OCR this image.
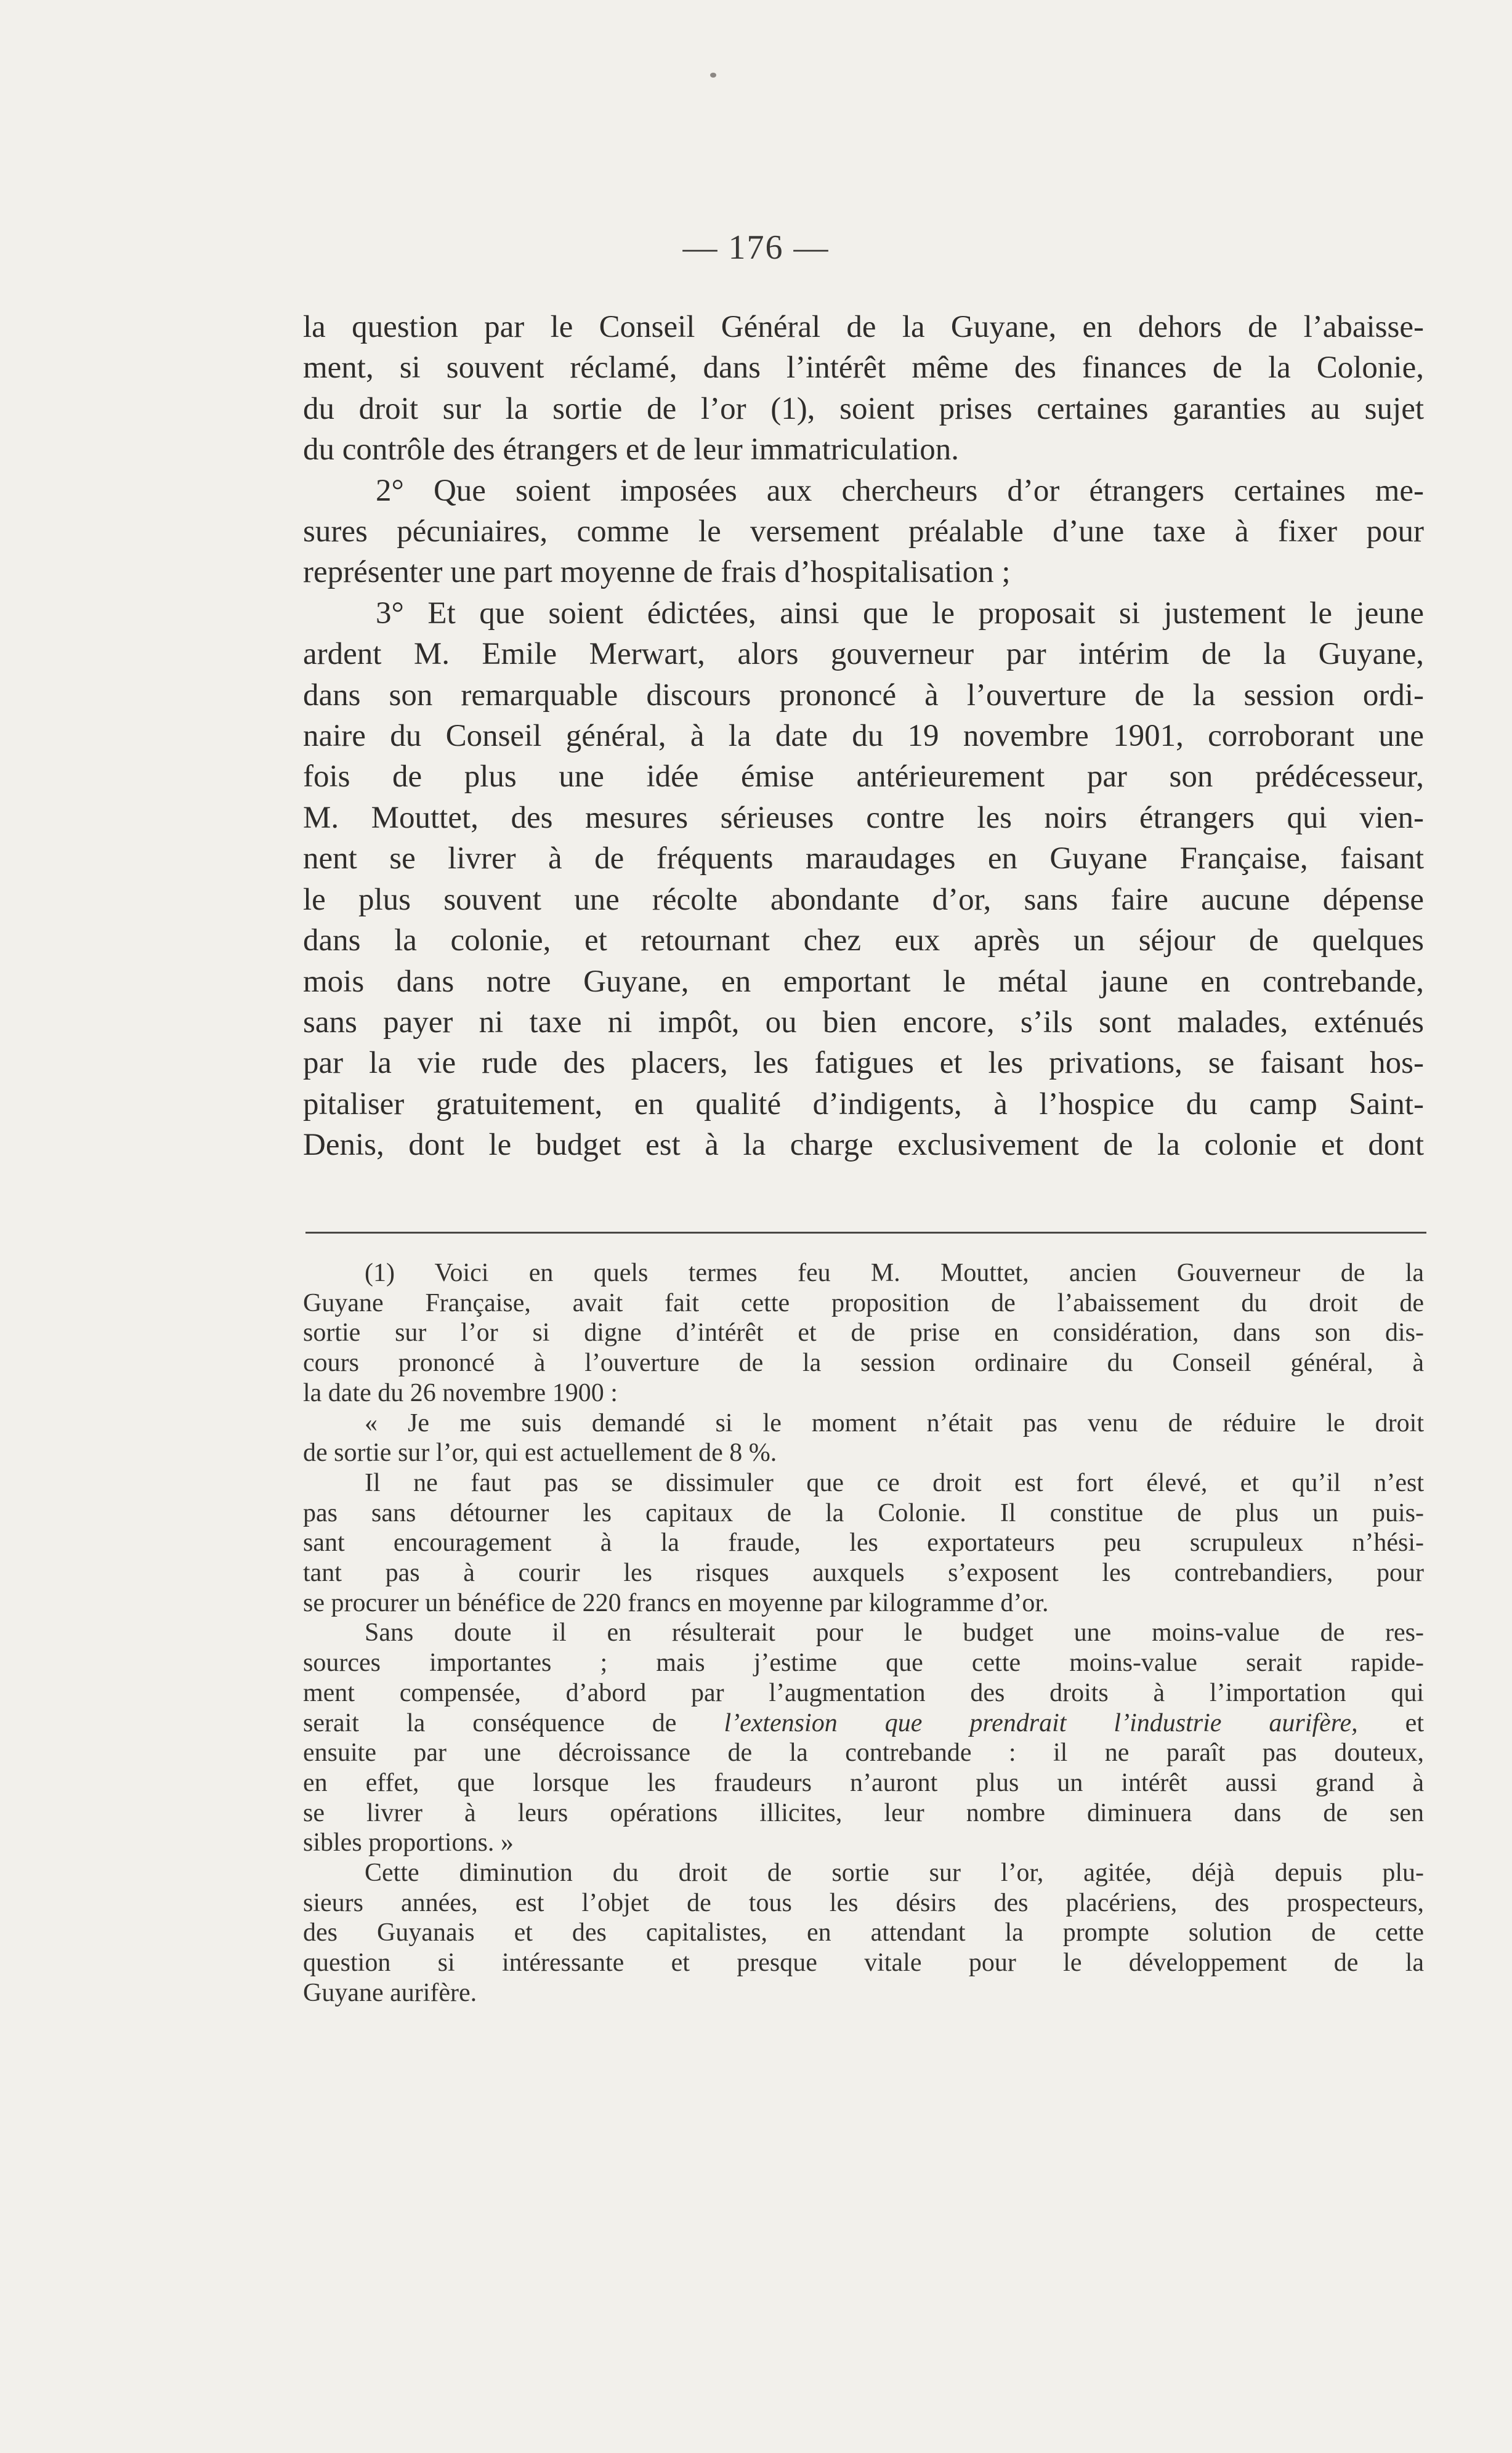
— 176 —
la question par le Conseil Général de la Guyane, en dehors de l’abaisse-
ment, si souvent réclamé, dans l’intérêt même des finances de la Colonie,
du droit sur la sortie de l’or (1), soient prises certaines garanties au sujet
du contrôle des étrangers et de leur immatriculation.
2° Que soient imposées aux chercheurs d’or étrangers certaines me-
sures pécuniaires, comme le versement préalable d’une taxe à fixer pour
représenter une part moyenne de frais d’hospitalisation ;
3° Et que soient édictées, ainsi que le proposait si justement le jeune
ardent M. Emile Merwart, alors gouverneur par intérim de la Guyane,
dans son remarquable discours prononcé à l’ouverture de la session ordi-
naire du Conseil général, à la date du 19 novembre 1901, corroborant une
fois de plus une idée émise antérieurement par son prédécesseur,
M. Mouttet, des mesures sérieuses contre les noirs étrangers qui vien-
nent se livrer à de fréquents maraudages en Guyane Française, faisant
le plus souvent une récolte abondante d’or, sans faire aucune dépense
dans la colonie, et retournant chez eux après un séjour de quelques
mois dans notre Guyane, en emportant le métal jaune en contrebande,
sans payer ni taxe ni impôt, ou bien encore, s’ils sont malades, exténués
par la vie rude des placers, les fatigues et les privations, se faisant hos-
pitaliser gratuitement, en qualité d’indigents, à l’hospice du camp Saint-
Denis, dont le budget est à la charge exclusivement de la colonie et dont
(1) Voici en quels termes feu M. Mouttet, ancien Gouverneur de la
Guyane Française, avait fait cette proposition de l’abaissement du droit de
sortie sur l’or si digne d’intérêt et de prise en considération, dans son dis-
cours prononcé à l’ouverture de la session ordinaire du Conseil général, à
la date du 26 novembre 1900 :
« Je me suis demandé si le moment n’était pas venu de réduire le droit
de sortie sur l’or, qui est actuellement de 8 %.
Il ne faut pas se dissimuler que ce droit est fort élevé, et qu’il n’est
pas sans détourner les capitaux de la Colonie. Il constitue de plus un puis-
sant encouragement à la fraude, les exportateurs peu scrupuleux n’hési-
tant pas à courir les risques auxquels s’exposent les contrebandiers, pour
se procurer un bénéfice de 220 francs en moyenne par kilogramme d’or.
Sans doute il en résulterait pour le budget une moins-value de res-
sources importantes ; mais j’estime que cette moins-value serait rapide-
ment compensée, d’abord par l’augmentation des droits à l’importation qui
serait la conséquence de l’extension que prendrait l’industrie aurifère, et
ensuite par une décroissance de la contrebande : il ne paraît pas douteux,
en effet, que lorsque les fraudeurs n’auront plus un intérêt aussi grand à
se livrer à leurs opérations illicites, leur nombre diminuera dans de sen
sibles proportions. »
Cette diminution du droit de sortie sur l’or, agitée, déjà depuis plu-
sieurs années, est l’objet de tous les désirs des placériens, des prospecteurs,
des Guyanais et des capitalistes, en attendant la prompte solution de cette
question si intéressante et presque vitale pour le développement de la
Guyane aurifère.
